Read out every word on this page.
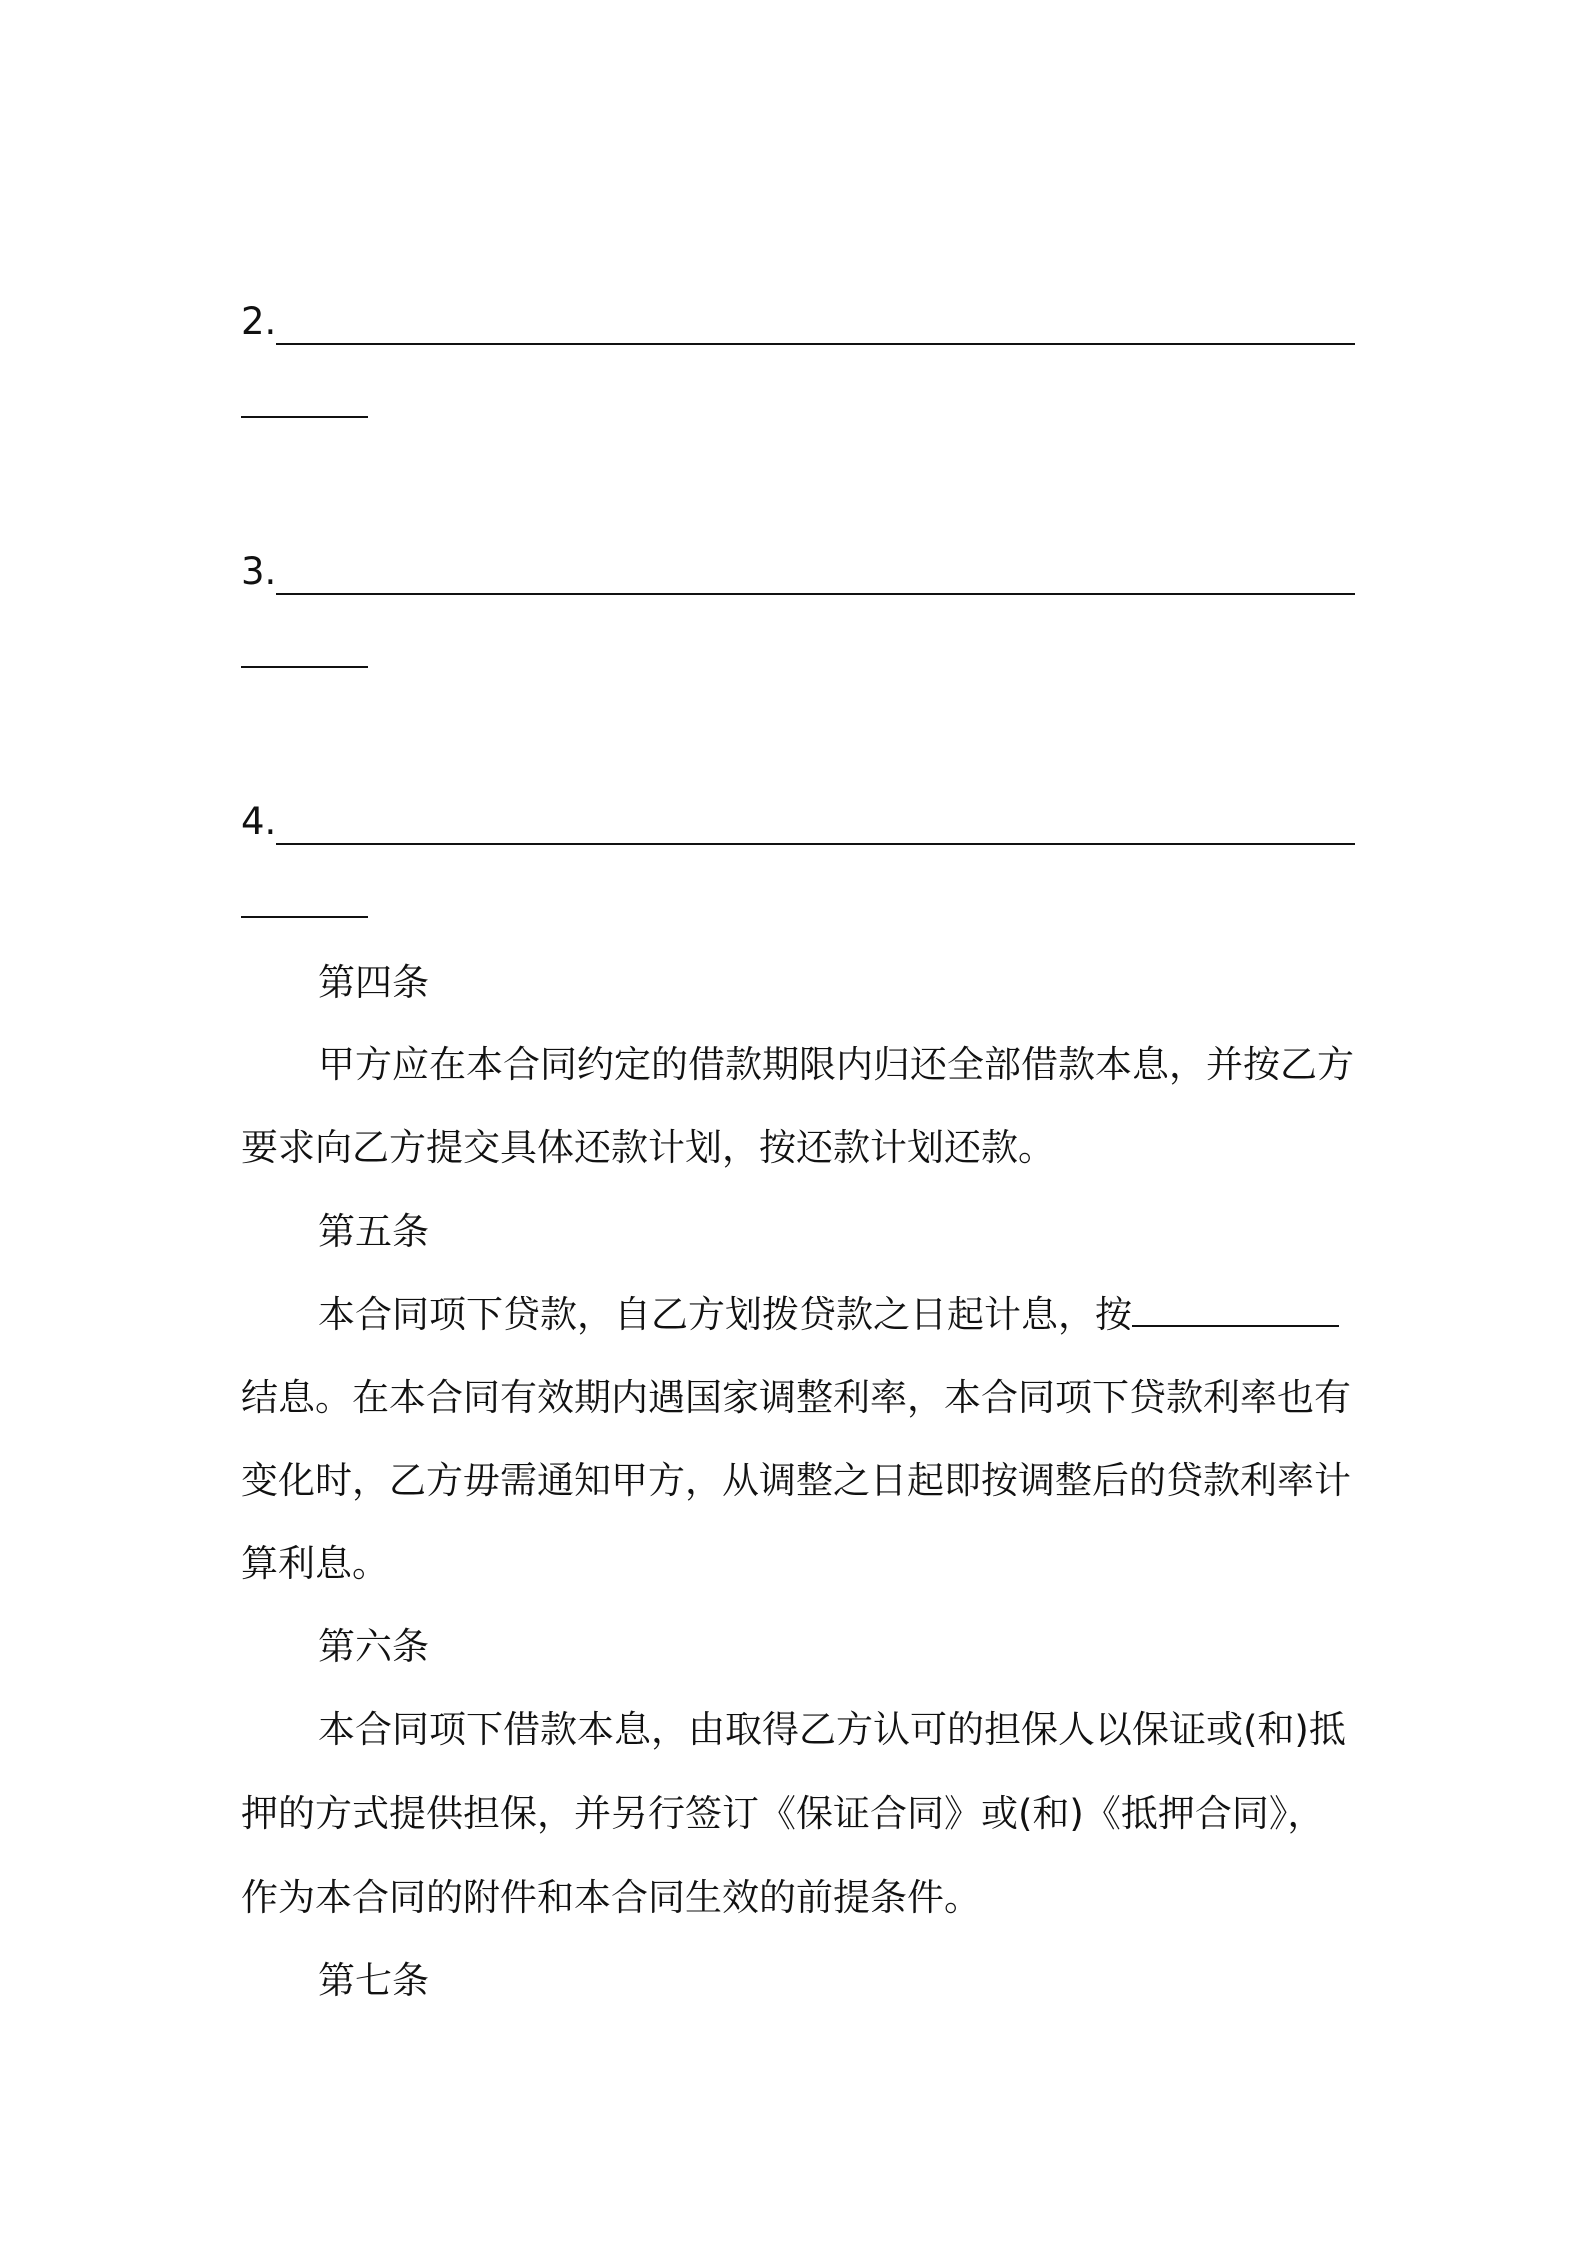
2.
3.
4.
第四条
甲方应在本合同约定的借款期限内归还全部借款本息，并按乙方
要求向乙方提交具体还款计划，按还款计划还款。
第五条
本合同项下贷款，自乙方划拨贷款之日起计息，按
结息。在本合同有效期内遇国家调整利率，本合同项下贷款利率也有
变化时，乙方毋需通知甲方，从调整之日起即按调整后的贷款利率计
算利息。
第六条
本合同项下借款本息，由取得乙方认可的担保人以保证或(和)抵
押的方式提供担保，并另行签订《保证合同》或(和)《抵押合同》，
作为本合同的附件和本合同生效的前提条件。
第七条
